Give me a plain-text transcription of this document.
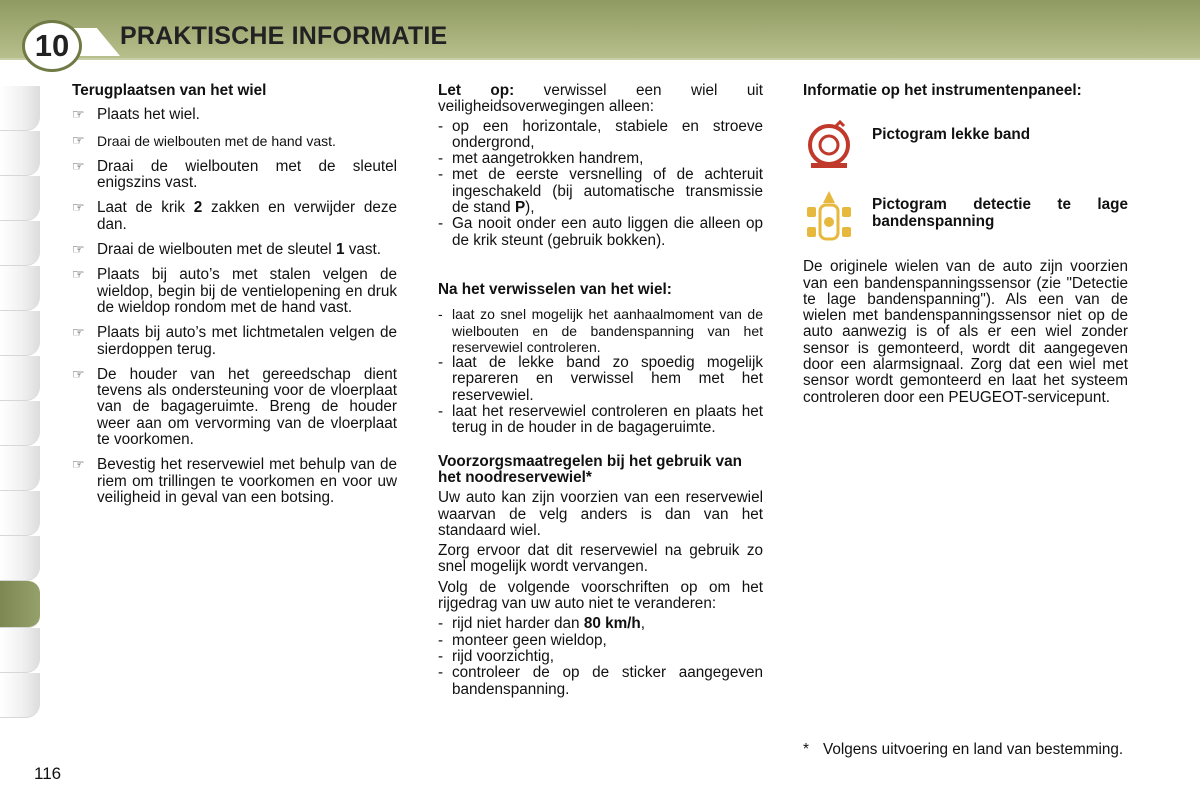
10	PRAKTISCHE INFORMATIE
Terugplaatsen van het wiel
☞ Plaats het wiel.
☞ Draai de wielbouten met de hand vast.
☞ Draai de wielbouten met de sleutel enigszins vast.
☞ Laat de krik 2 zakken en verwijder deze dan.
☞ Draai de wielbouten met de sleutel 1 vast.
☞ Plaats bij auto’s met stalen velgen de wieldop, begin bij de ventielopening en druk de wieldop rondom met de hand vast.
☞ Plaats bij auto’s met lichtmetalen velgen de sierdoppen terug.
☞ De houder van het gereedschap dient tevens als ondersteuning voor de vloerplaat van de bagageruimte. Breng de houder weer aan om vervorming van de vloerplaat te voorkomen.
☞ Bevestig het reservewiel met behulp van de riem om trillingen te voorkomen en voor uw veiligheid in geval van een botsing.

Let op: verwissel een wiel uit veiligheidsoverwegingen alleen:

- op een horizontale, stabiele en stroeve ondergrond,
- met aangetrokken handrem,
- met de eerste versnelling of de achteruit ingeschakeld (bij automatische transmissie de stand P),
- Ga nooit onder een auto liggen die alleen op de krik steunt (gebruik bokken).
Na het verwisselen van het wiel:
- laat zo snel mogelijk het aanhaalmoment van de wielbouten en de bandenspanning van het reservewiel controleren.
- laat de lekke band zo spoedig mogelijk repareren en verwissel hem met het reservewiel.
- laat het reservewiel controleren en plaats het terug in de houder in de bagageruimte.
Voorzorgsmaatregelen bij het gebruik van het noodreservewiel*

Uw auto kan zijn voorzien van een reservewiel waarvan de velg anders is dan van het standaard wiel.

Zorg ervoor dat dit reservewiel na gebruik zo snel mogelijk wordt vervangen.

Volg de volgende voorschriften op om het rijgedrag van uw auto niet te veranderen:

- rijd niet harder dan 80 km/h,
- monteer geen wieldop,
- rijd voorzichtig,
- controleer de op de sticker aangegeven bandenspanning.
Informatie op het instrumentenpaneel:
Pictogram lekke band
Pictogram detectie te lage bandenspanning

De originele wielen van de auto zijn voorzien van een bandenspanningssensor (zie "Detectie te lage bandenspanning"). Als een van de wielen met bandenspanningssensor niet op de auto aanwezig is of als er een wiel zonder sensor is gemonteerd, wordt dit aangegeven door een alarmsignaal. Zorg dat een wiel met sensor wordt gemonteerd en laat het systeem controleren door een PEUGEOT-servicepunt.

* Volgens uitvoering en land van bestemming.
116
